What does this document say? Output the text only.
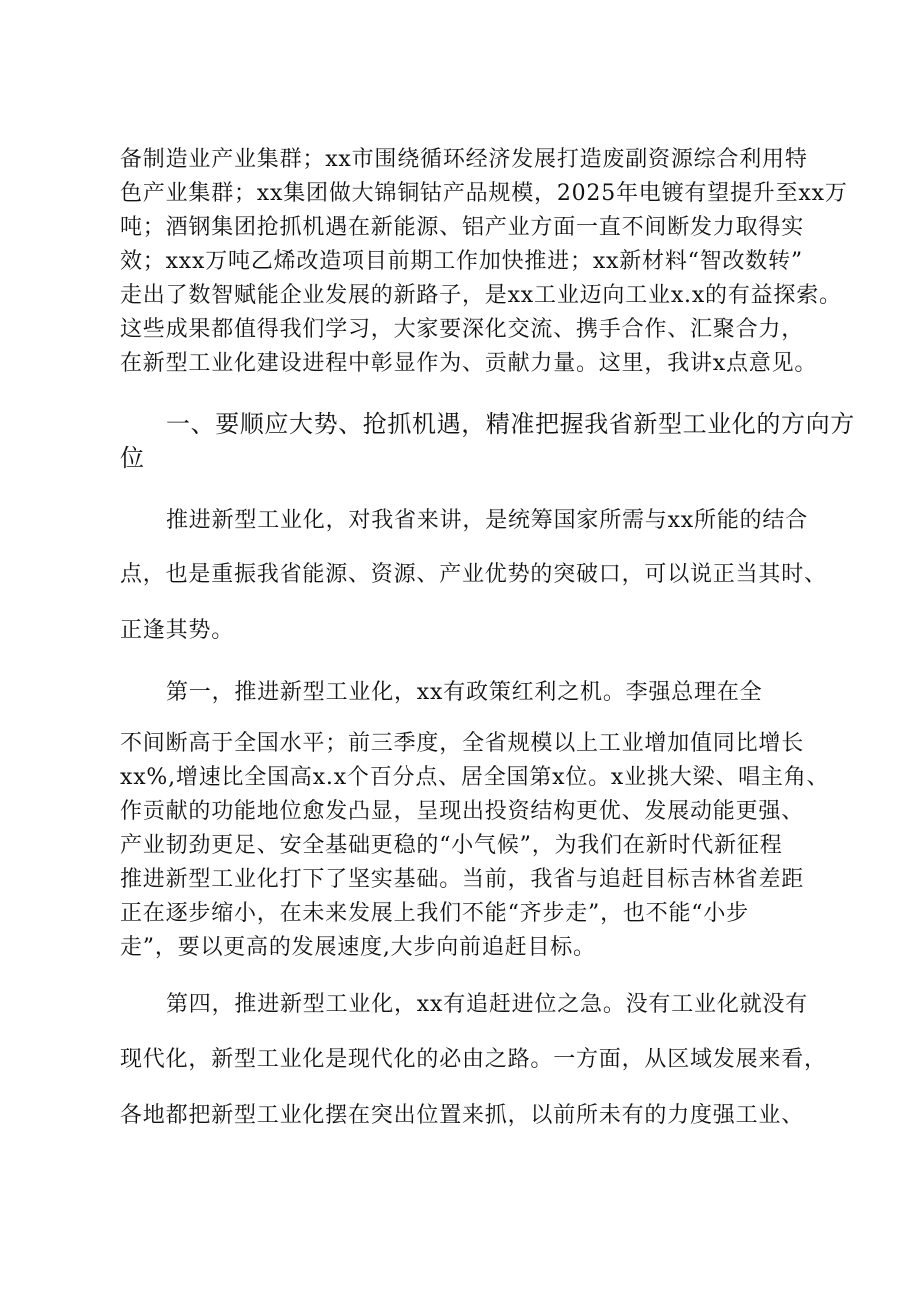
备制造业产业集群；xx市围绕循环经济发展打造废副资源综合利用特
色产业集群；xx集团做大锦铜钴产品规模，2025年电镀有望提升至xx万
吨；酒钢集团抢抓机遇在新能源、铝产业方面一直不间断发力取得实
效；xxx万吨乙烯改造项目前期工作加快推进；xx新材料“智改数转”
走出了数智赋能企业发展的新路子，是xx工业迈向工业x.x的有益探索。
这些成果都值得我们学习，大家要深化交流、携手合作、汇聚合力，
在新型工业化建设进程中彰显作为、贡献力量。这里，我讲x点意见。
一、要顺应大势、抢抓机遇，精准把握我省新型工业化的方向方
位
推进新型工业化，对我省来讲，是统筹国家所需与xx所能的结合
点，也是重振我省能源、资源、产业优势的突破口，可以说正当其时、
正逢其势。
第一，推进新型工业化，xx有政策红利之机。李强总理在全
不间断高于全国水平；前三季度，全省规模以上工业增加值同比增长
xx%,增速比全国高x.x个百分点、居全国第x位。x业挑大梁、唱主角、
作贡献的功能地位愈发凸显，呈现出投资结构更优、发展动能更强、
产业韧劲更足、安全基础更稳的“小气候”，为我们在新时代新征程
推进新型工业化打下了坚实基础。当前，我省与追赶目标吉林省差距
正在逐步缩小，在未来发展上我们不能“齐步走”，也不能“小步
走”，要以更高的发展速度,大步向前追赶目标。
第四，推进新型工业化，xx有追赶进位之急。没有工业化就没有
现代化，新型工业化是现代化的必由之路。一方面，从区域发展来看，
各地都把新型工业化摆在突出位置来抓，以前所未有的力度强工业、
